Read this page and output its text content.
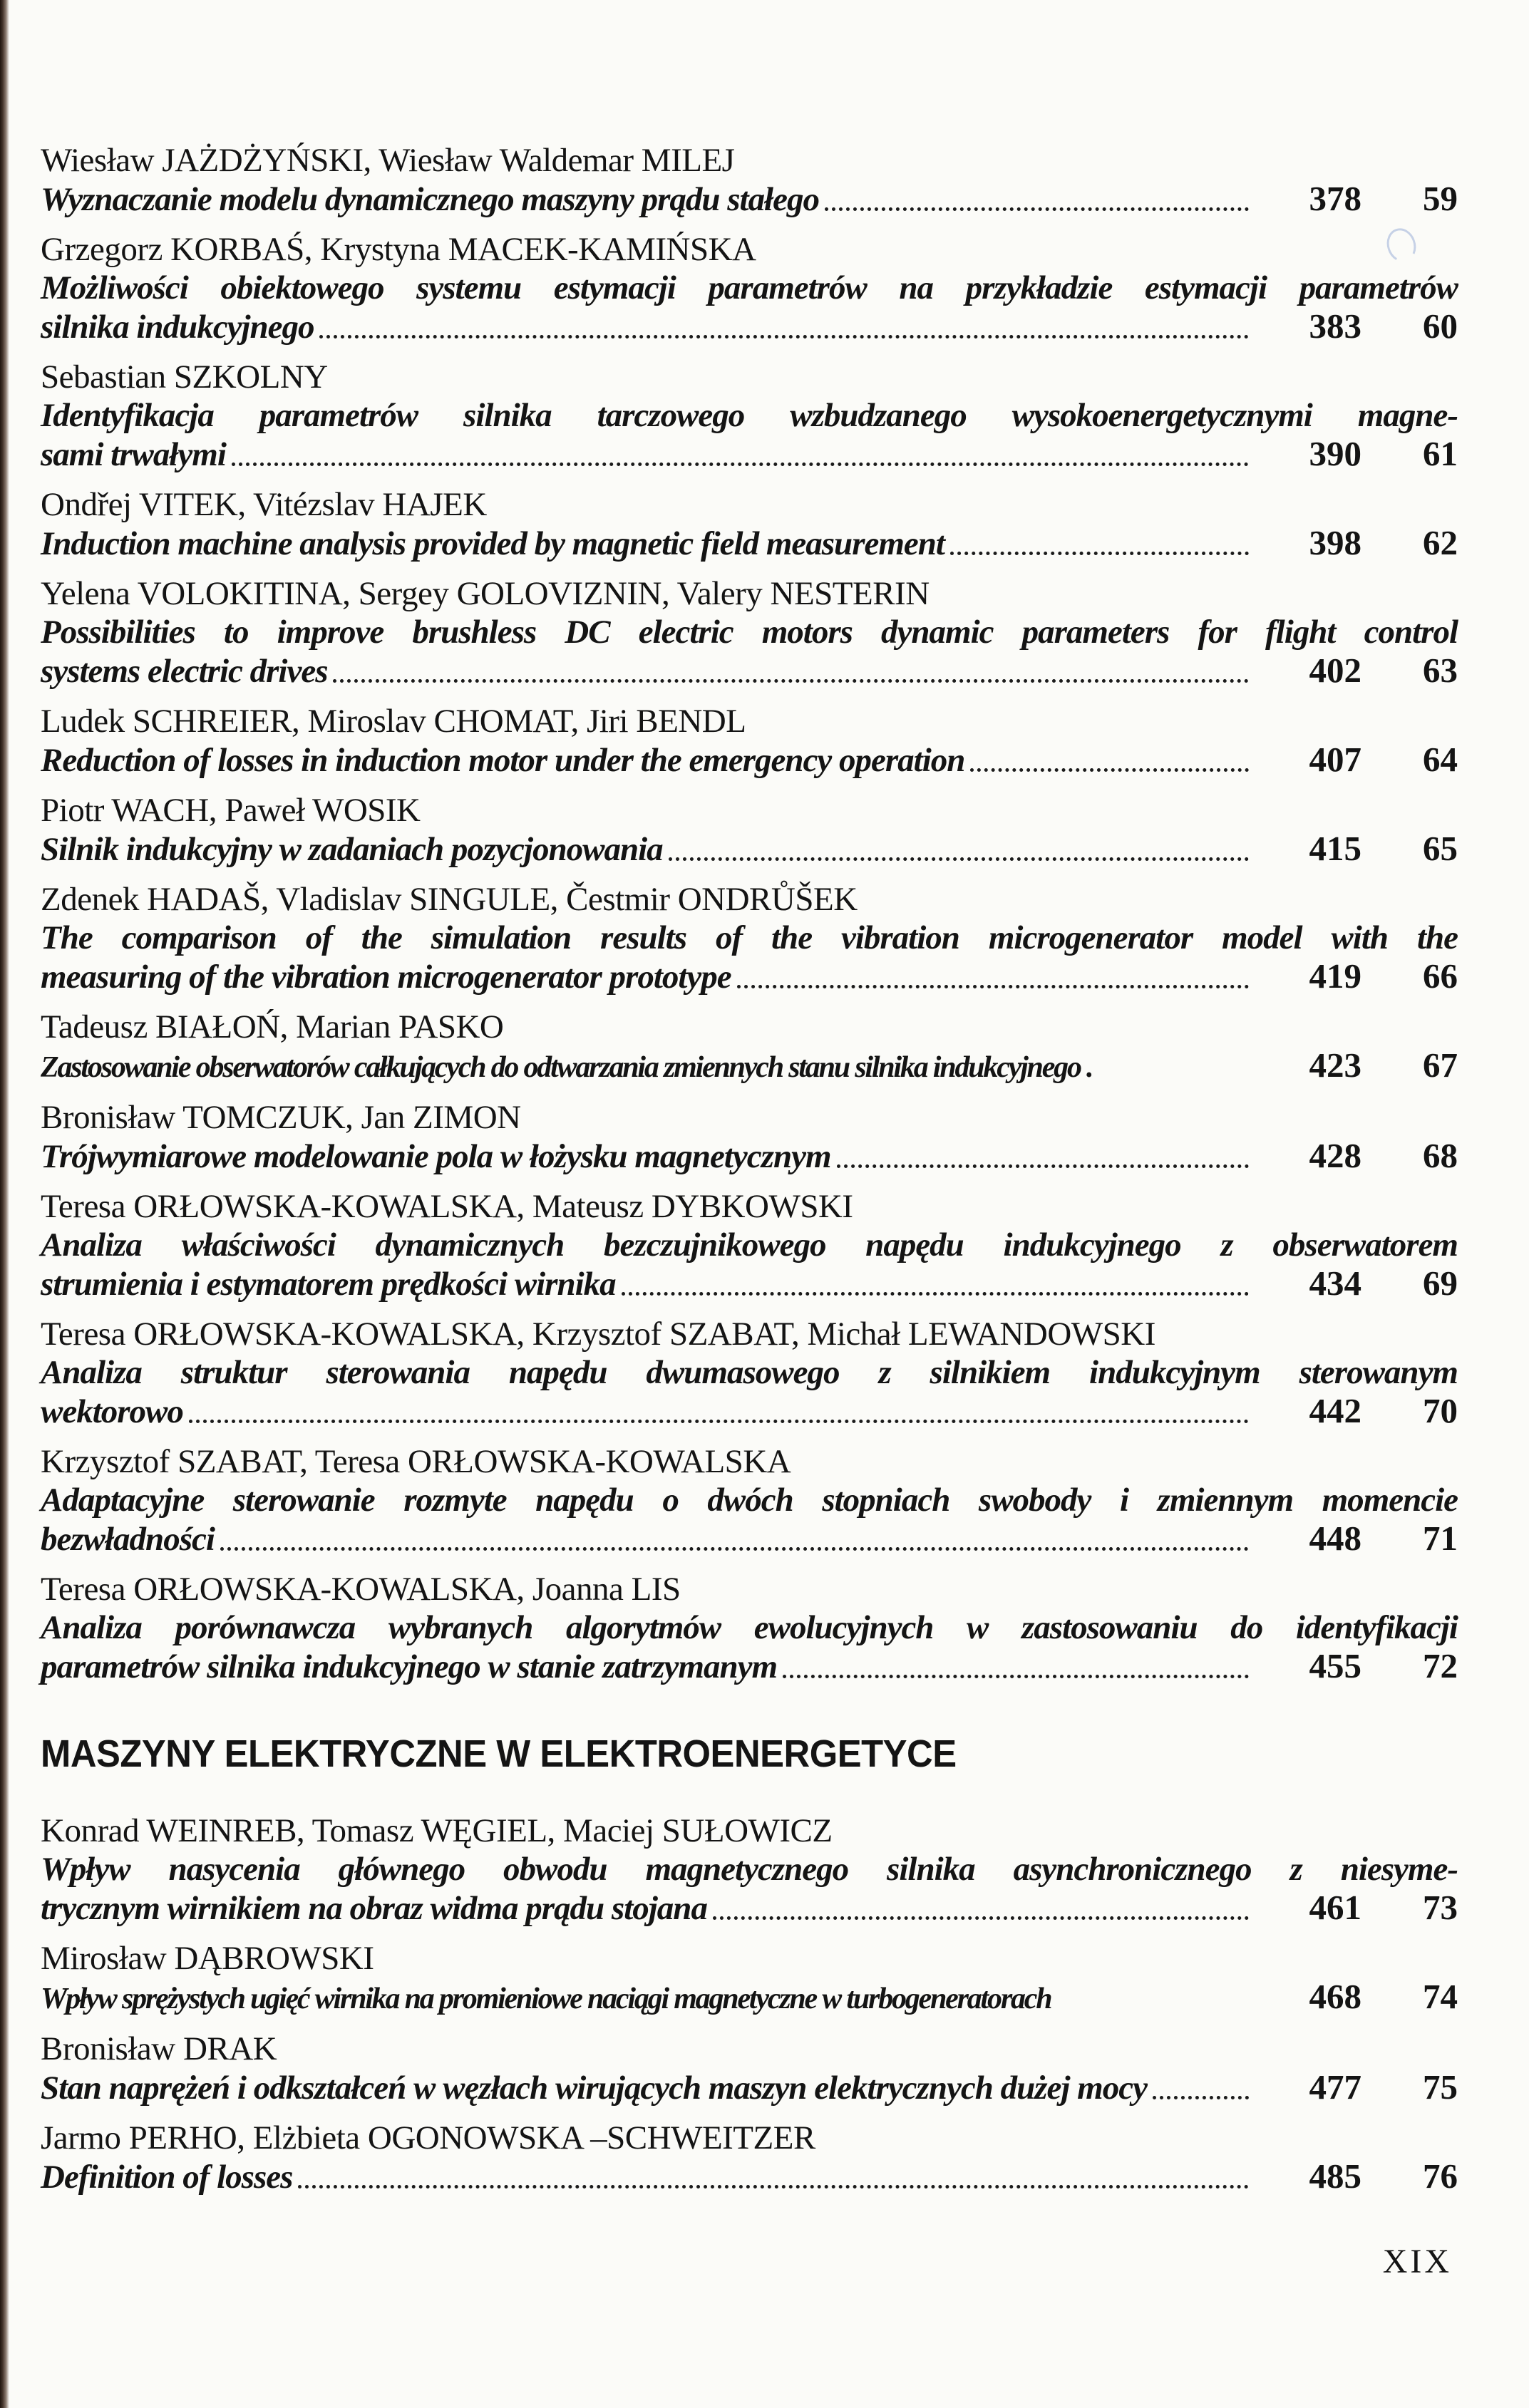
Wiesław JAŻDŻYŃSKI, Wiesław Waldemar MILEJ
Wyznaczanie modelu dynamicznego maszyny prądu stałego	378	59
Grzegorz KORBAŚ, Krystyna MACEK-KAMIŃSKA
Możliwości obiektowego systemu estymacji parametrów na przykładzie estymacji parametrów
silnika indukcyjnego	383	60
Sebastian SZKOLNY
Identyfikacja parametrów silnika tarczowego wzbudzanego wysokoenergetycznymi magne-
sami trwałymi	390	61
Ondřej VITEK, Vitézslav HAJEK
Induction machine analysis provided by magnetic field measurement	398	62
Yelena VOLOKITINA, Sergey GOLOVIZNIN, Valery NESTERIN
Possibilities to improve brushless DC electric motors dynamic parameters for flight control
systems electric drives	402	63
Ludek SCHREIER, Miroslav CHOMAT, Jiri BENDL
Reduction of losses in induction motor under the emergency operation	407	64
Piotr WACH, Paweł WOSIK
Silnik indukcyjny w zadaniach pozycjonowania	415	65
Zdenek HADAŠ, Vladislav SINGULE, Čestmir ONDRŮŠEK
The comparison of the simulation results of the vibration microgenerator model with the
measuring of the vibration microgenerator prototype	419	66
Tadeusz BIAŁOŃ, Marian PASKO
Zastosowanie obserwatorów całkujących do odtwarzania zmiennych stanu silnika indukcyjnego .	423	67
Bronisław TOMCZUK, Jan ZIMON
Trójwymiarowe modelowanie pola w łożysku magnetycznym	428	68
Teresa ORŁOWSKA-KOWALSKA, Mateusz DYBKOWSKI
Analiza właściwości dynamicznych bezczujnikowego napędu indukcyjnego z obserwatorem
strumienia i estymatorem prędkości wirnika	434	69
Teresa ORŁOWSKA-KOWALSKA, Krzysztof SZABAT, Michał LEWANDOWSKI
Analiza struktur sterowania napędu dwumasowego z silnikiem indukcyjnym sterowanym
wektorowo	442	70
Krzysztof SZABAT, Teresa ORŁOWSKA-KOWALSKA
Adaptacyjne sterowanie rozmyte napędu o dwóch stopniach swobody i zmiennym momencie
bezwładności	448	71
Teresa ORŁOWSKA-KOWALSKA, Joanna LIS
Analiza porównawcza wybranych algorytmów ewolucyjnych w zastosowaniu do identyfikacji
parametrów silnika indukcyjnego w stanie zatrzymanym	455	72
MASZYNY ELEKTRYCZNE W ELEKTROENERGETYCE
Konrad WEINREB, Tomasz WĘGIEL, Maciej SUŁOWICZ
Wpływ nasycenia głównego obwodu magnetycznego silnika asynchronicznego z niesyme-
trycznym wirnikiem na obraz widma prądu stojana	461	73
Mirosław DĄBROWSKI
Wpływ sprężystych ugięć wirnika na promieniowe naciągi magnetyczne w turbogeneratorach	468	74
Bronisław DRAK
Stan naprężeń i odkształceń w węzłach wirujących maszyn elektrycznych dużej mocy	477	75
Jarmo PERHO, Elżbieta OGONOWSKA –SCHWEITZER
Definition of losses	485	76
XIX
